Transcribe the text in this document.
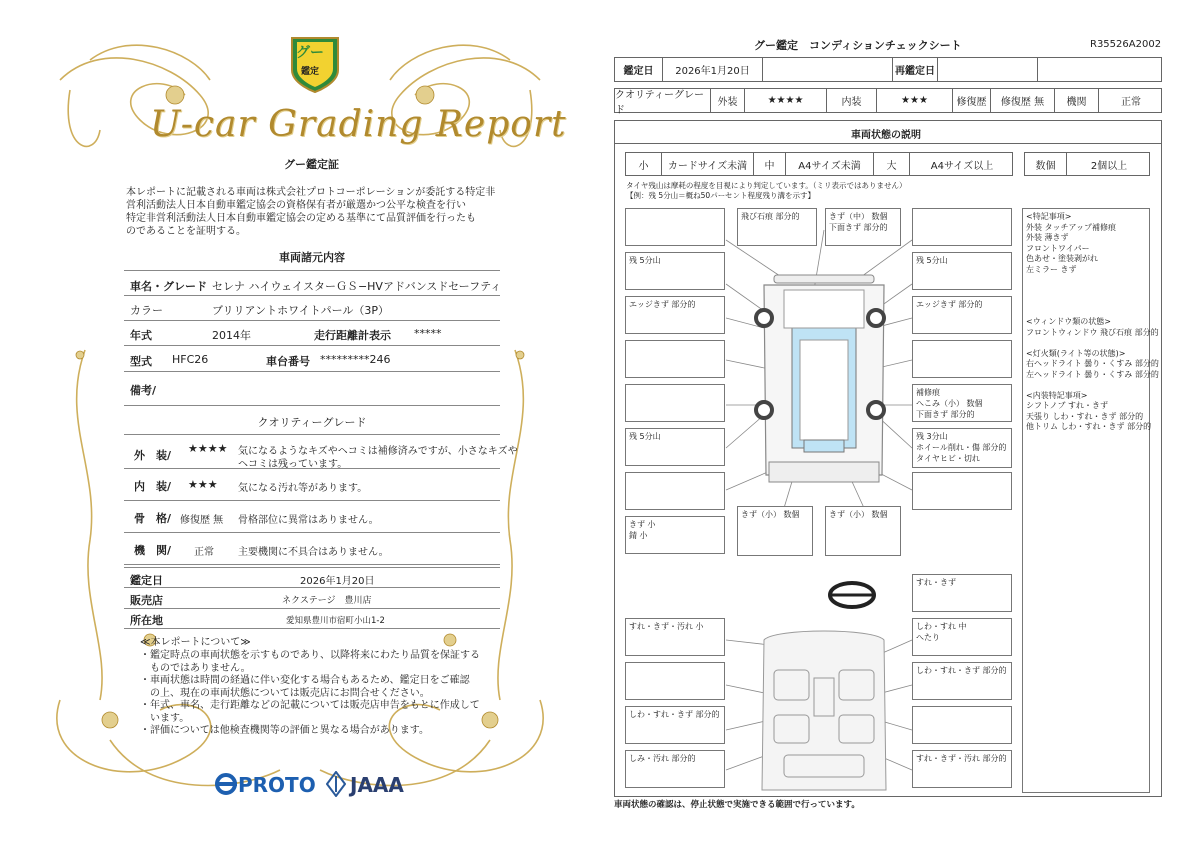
グー
鑑定
U-car Grading Report
グー鑑定証
本レポートに記載される車両は株式会社プロトコーポレーションが委託する特定非
営利活動法人日本自動車鑑定協会の資格保有者が厳選かつ公平な検査を行い
特定非営利活動法人日本自動車鑑定協会の定める基準にて品質評価を行ったも
のであることを証明する。
車両諸元内容
車名・グレード セレナ ハイウェイスターＧＳ−HVアドバンスドセーフティ
カラー	ブリリアントホワイトパール（3P）
年式	2014年	走行距離計表示 *****
型式 HFC26	車台番号 *********246
備考/
クオリティーグレード
外　装/
★★★★ 気になるようなキズやヘコミは補修済みですが、小さなキズや
ヘコミは残っています。
内　装/ ★★★ 気になる汚れ等があります。
骨　格/ 修復歴 無 骨格部位に異常はありません。
機　関/ 正常 主要機関に不具合はありません。
鑑定日	2026年1月20日
販売店	ネクステージ　豊川店
所在地	愛知県豊川市宿町小山1-2
≪本レポートについて≫
・鑑定時点の車両状態を示すものであり、以降将来にわたり品質を保証する
ものではありません。
・車両状態は時間の経過に伴い変化する場合もあるため、鑑定日をご確認
の上、現在の車両状態については販売店にお問合せください。
・年式、車名、走行距離などの記載については販売店申告をもとに作成して
います。
・評価については他検査機関等の評価と異なる場合があります。
PROTO JAAA
グー鑑定　コンディションチェックシート	R35526A2002
鑑定日	2026年1月20日	再鑑定日
クオリティーグレード
外装	★★★★	内装	★★★	修復歴	修復歴 無	機関	正常
車両状態の説明
小	カードサイズ未満	中	A4サイズ未満	大	A4サイズ以上	数個	2個以上
タイヤ残山は摩耗の程度を目視により判定しています。（ミリ表示ではありません）
【例：残 5分山＝概ね50パーセント程度残り溝を示す】
飛び石痕 部分的	きず（中） 数個
下面きず 部分的
残 5分山	残 5分山
エッジきず 部分的	エッジきず 部分的
補修痕
へこみ（小） 数個
下面きず 部分的
残 5分山	残 3分山
ホイール削れ・傷 部分的
タイヤヒビ・切れ
きず 小
錆 小
きず（小） 数個	きず（小） 数個
すれ・きず
すれ・きず・汚れ 小	しわ・すれ 中
へたり
しわ・すれ・きず 部分的
しわ・すれ・きず 部分的
しみ・汚れ 部分的	すれ・きず・汚れ 部分的
<特記事項>
外装 タッチアップ補修痕
外装 薄きず
フロントワイパー
色あせ・塗装剥がれ
左ミラー きず

<ウィンドウ類の状態>
フロントウィンドウ 飛び石痕 部分的

<灯火類(ライト等の状態)>
右ヘッドライト 曇り・くすみ 部分的
左ヘッドライト 曇り・くすみ 部分的

<内装特記事項>
シフトノブ すれ・きず
天張り しわ・すれ・きず 部分的
他トリム しわ・すれ・きず 部分的
車両状態の確認は、停止状態で実施できる範囲で行っています。
